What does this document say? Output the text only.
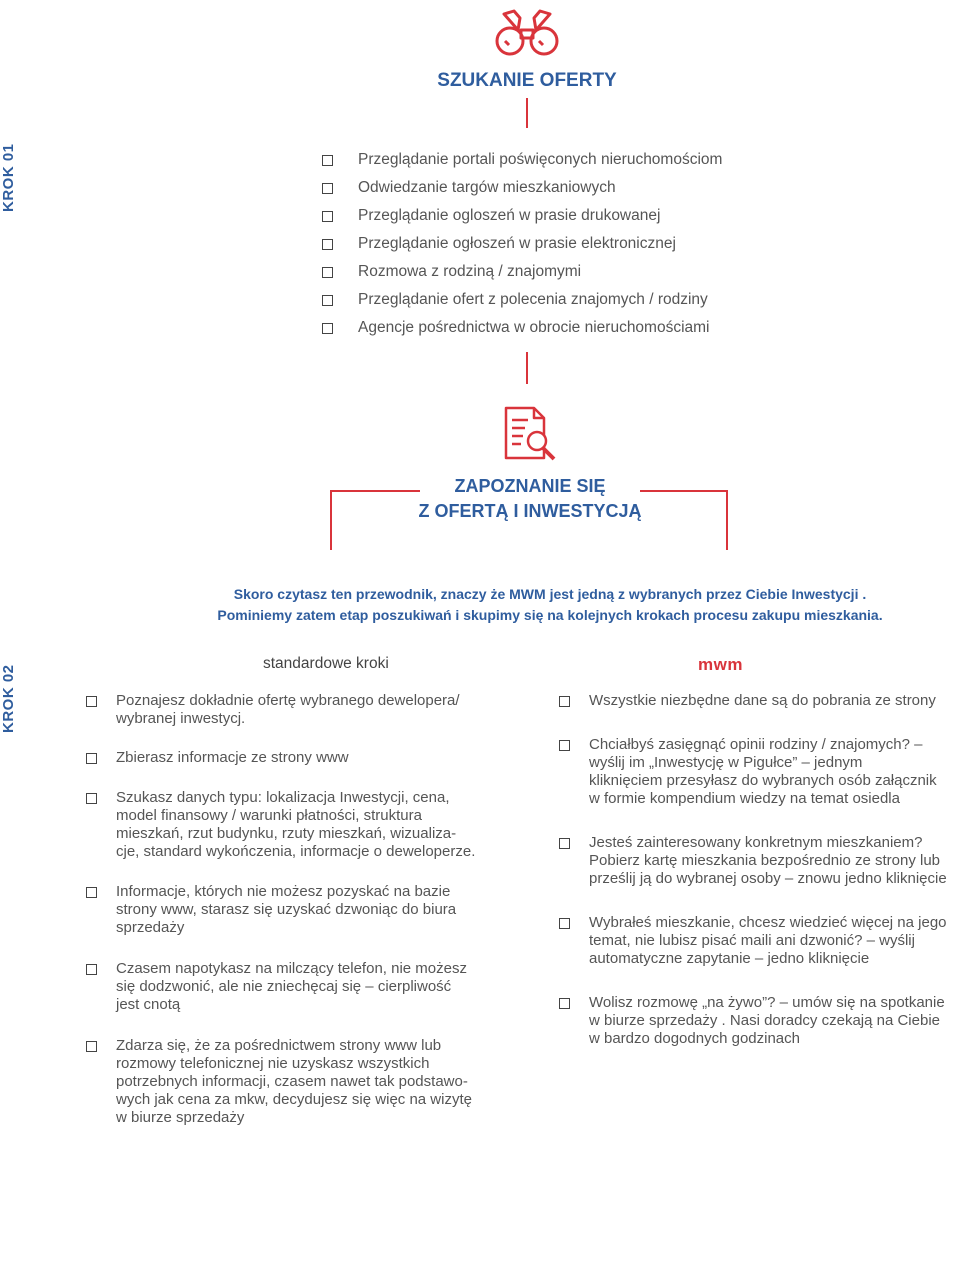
KROK 01
SZUKANIE OFERTY
Przeglądanie portali poświęconych nieruchomościom
Odwiedzanie targów mieszkaniowych
Przeglądanie ogloszeń w prasie drukowanej
Przeglądanie ogłoszeń w prasie elektronicznej
Rozmowa z rodziną / znajomymi
Przeglądanie ofert z polecenia znajomych / rodziny
Agencje pośrednictwa w obrocie nieruchomościami
ZAPOZNANIE SIĘ
Z OFERTĄ I INWESTYCJĄ
Skoro czytasz ten przewodnik, znaczy że MWM jest jedną z wybranych przez Ciebie Inwestycji .
Pominiemy zatem etap poszukiwań i skupimy się na kolejnych krokach procesu zakupu mieszkania.
KROK 02
standardowe kroki	mwm
Poznajesz dokładnie ofertę wybranego dewelopera/
wybranej inwestycj.
Zbierasz informacje ze strony www
Szukasz danych typu: lokalizacja Inwestycji, cena,
model finansowy / warunki płatności, struktura
mieszkań, rzut budynku, rzuty mieszkań, wizualiza-
cje, standard wykończenia, informacje o deweloperze.
Informacje, których nie możesz pozyskać na bazie
strony www, starasz się uzyskać dzwoniąc do biura
sprzedaży
Czasem napotykasz na milczący telefon, nie możesz
się dodzwonić, ale nie zniechęcaj się – cierpliwość
jest cnotą
Zdarza się, że za pośrednictwem strony www lub
rozmowy telefonicznej nie uzyskasz wszystkich
potrzebnych informacji, czasem nawet tak podstawo-
wych jak cena za mkw, decydujesz się więc na wizytę
w biurze sprzedaży
Wszystkie niezbędne dane są do pobrania ze strony
Chciałbyś zasięgnąć opinii rodziny / znajomych? –
wyślij im „Inwestycję w Pigułce” – jednym
kliknięciem przesyłasz do wybranych osób załącznik
w formie kompendium wiedzy na temat osiedla
Jesteś zainteresowany konkretnym mieszkaniem?
Pobierz kartę mieszkania bezpośrednio ze strony lub
prześlij ją do wybranej osoby – znowu jedno kliknięcie
Wybrałeś mieszkanie, chcesz wiedzieć więcej na jego
temat, nie lubisz pisać maili ani dzwonić? – wyślij
automatyczne zapytanie – jedno kliknięcie
Wolisz rozmowę „na żywo”? – umów się na spotkanie
w biurze sprzedaży . Nasi doradcy czekają na Ciebie
w bardzo dogodnych godzinach
